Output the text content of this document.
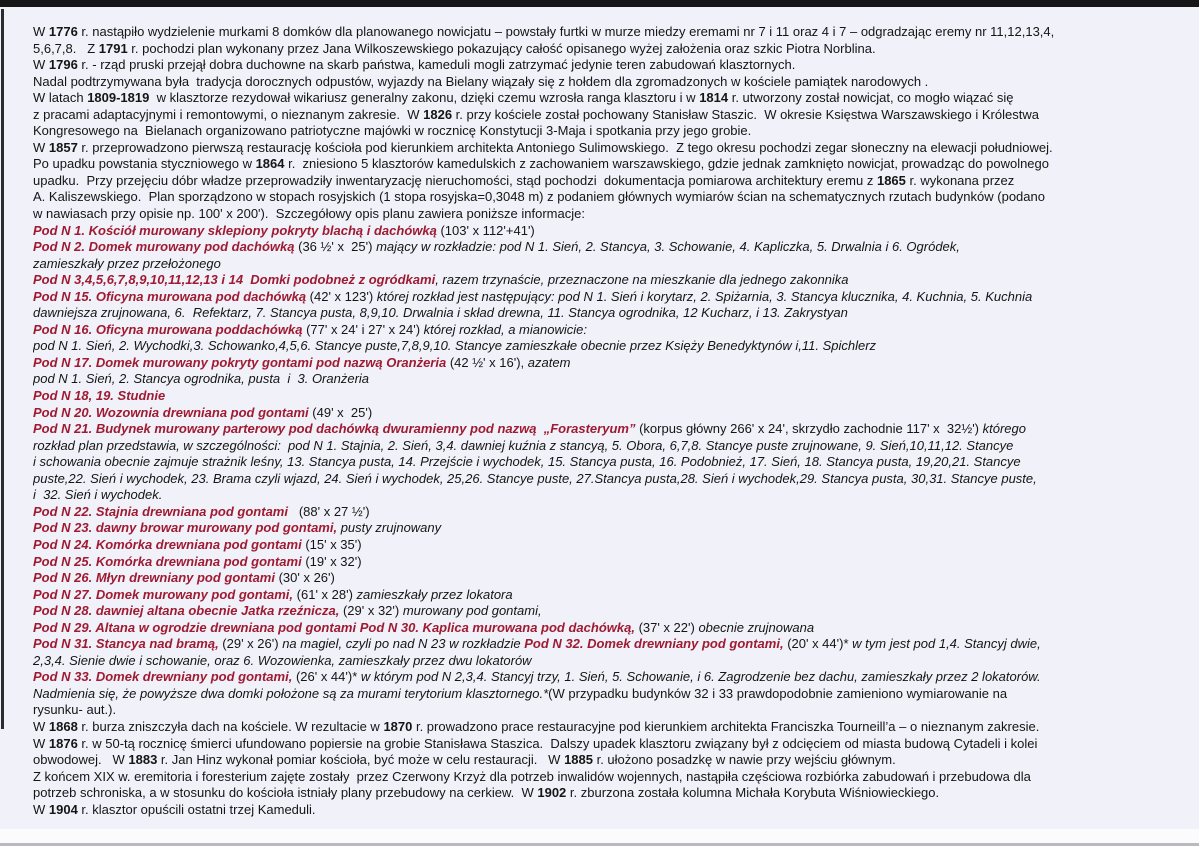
W 1776 r. nastąpiło wydzielenie murkami 8 domków dla planowanego nowicjatu – powstały furtki w murze miedzy eremami nr 7 i 11 oraz 4 i 7 – odgradzając eremy nr 11,12,13,4,
5,6,7,8.   Z 1791 r. pochodzi plan wykonany przez Jana Wilkoszewskiego pokazujący całość opisanego wyżej założenia oraz szkic Piotra Norblina.
W 1796 r. - rząd pruski przejął dobra duchowne na skarb państwa, kameduli mogli zatrzymać jedynie teren zabudowań klasztornych.
Nadal podtrzymywana była  tradycja dorocznych odpustów, wyjazdy na Bielany wiązały się z hołdem dla zgromadzonych w kościele pamiątek narodowych .
W latach 1809-1819  w klasztorze rezydował wikariusz generalny zakonu, dzięki czemu wzrosła ranga klasztoru i w 1814 r. utworzony został nowicjat, co mogło wiązać się
z pracami adaptacyjnymi i remontowymi, o nieznanym zakresie.  W 1826 r. przy kościele został pochowany Stanisław Staszic.  W okresie Księstwa Warszawskiego i Królestwa
Kongresowego na  Bielanach organizowano patriotyczne majówki w rocznicę Konstytucji 3-Maja i spotkania przy jego grobie.
W 1857 r. przeprowadzono pierwszą restaurację kościoła pod kierunkiem architekta Antoniego Sulimowskiego.  Z tego okresu pochodzi zegar słoneczny na elewacji południowej.
Po upadku powstania styczniowego w 1864 r.  zniesiono 5 klasztorów kamedulskich z zachowaniem warszawskiego, gdzie jednak zamknięto nowicjat, prowadząc do powolnego
upadku.  Przy przejęciu dóbr władze przeprowadziły inwentaryzację nieruchomości, stąd pochodzi  dokumentacja pomiarowa architektury eremu z 1865 r. wykonana przez
A. Kaliszewskiego.  Plan sporządzono w stopach rosyjskich (1 stopa rosyjska=0,3048 m) z podaniem głównych wymiarów ścian na schematycznych rzutach budynków (podano
w nawiasach przy opisie np. 100' x 200').  Szczegółowy opis planu zawiera poniższe informacje:
Pod N 1. Kościół murowany sklepiony pokryty blachą i dachówką (103' x 112'+41')
Pod N 2. Domek murowany pod dachówką (36 ½' x  25') mający w rozkładzie: pod N 1. Sień, 2. Stancya, 3. Schowanie, 4. Kapliczka, 5. Drwalnia i 6. Ogródek,
zamieszkały przez przełożonego
Pod N 3,4,5,6,7,8,9,10,11,12,13 i 14  Domki podobneż z ogródkami, razem trzynaście, przeznaczone na mieszkanie dla jednego zakonnika
Pod N 15. Oficyna murowana pod dachówką (42' x 123') której rozkład jest następujący: pod N 1. Sień i korytarz, 2. Spiżarnia, 3. Stancya klucznika, 4. Kuchnia, 5. Kuchnia
dawniejsza zrujnowana, 6.  Refektarz, 7. Stancya pusta, 8,9,10. Drwalnia i skład drewna, 11. Stancya ogrodnika, 12 Kucharz, i 13. Zakrystyan
Pod N 16. Oficyna murowana poddachówką (77' x 24' i 27' x 24') której rozkład, a mianowicie:
pod N 1. Sień, 2. Wychodki,3. Schowanko,4,5,6. Stancye puste,7,8,9,10. Stancye zamieszkałe obecnie przez Księży Benedyktynów i,11. Spichlerz
Pod N 17. Domek murowany pokryty gontami pod nazwą Oranżeria (42 ½' x 16'), azatem
pod N 1. Sień, 2. Stancya ogrodnika, pusta  i  3. Oranżeria
Pod N 18, 19. Studnie
Pod N 20. Wozownia drewniana pod gontami (49' x  25')
Pod N 21. Budynek murowany parterowy pod dachówką dwuramienny pod nazwą  „Forasteryum” (korpus główny 266' x 24', skrzydło zachodnie 117' x  32½') którego
rozkład plan przedstawia, w szczególności:  pod N 1. Stajnia, 2. Sień, 3,4. dawniej kuźnia z stancyą, 5. Obora, 6,7,8. Stancye puste zrujnowane, 9. Sień,10,11,12. Stancye
i schowania obecnie zajmuje strażnik leśny, 13. Stancya pusta, 14. Przejście i wychodek, 15. Stancya pusta, 16. Podobnież, 17. Sień, 18. Stancya pusta, 19,20,21. Stancye
puste,22. Sień i wychodek, 23. Brama czyli wjazd, 24. Sień i wychodek, 25,26. Stancye puste, 27.Stancya pusta,28. Sień i wychodek,29. Stancya pusta, 30,31. Stancye puste,
i  32. Sień i wychodek.
Pod N 22. Stajnia drewniana pod gontami   (88' x 27 ½')
Pod N 23. dawny browar murowany pod gontami, pusty zrujnowany
Pod N 24. Komórka drewniana pod gontami (15' x 35')
Pod N 25. Komórka drewniana pod gontami (19' x 32')
Pod N 26. Młyn drewniany pod gontami (30' x 26')
Pod N 27. Domek murowany pod gontami, (61' x 28') zamieszkały przez lokatora
Pod N 28. dawniej altana obecnie Jatka rzeźnicza, (29' x 32') murowany pod gontami,
Pod N 29. Altana w ogrodzie drewniana pod gontami Pod N 30. Kaplica murowana pod dachówką, (37' x 22') obecnie zrujnowana
Pod N 31. Stancya nad bramą, (29' x 26') na magiel, czyli po nad N 23 w rozkładzie Pod N 32. Domek drewniany pod gontami, (20' x 44')* w tym jest pod 1,4. Stancyj dwie,
2,3,4. Sienie dwie i schowanie, oraz 6. Wozowienka, zamieszkały przez dwu lokatorów
Pod N 33. Domek drewniany pod gontami, (26' x 44')* w którym pod N 2,3,4. Stancyj trzy, 1. Sień, 5. Schowanie, i 6. Zagrodzenie bez dachu, zamieszkały przez 2 lokatorów.
Nadmienia się, że powyższe dwa domki położone są za murami terytorium klasztornego.*(W przypadku budynków 32 i 33 prawdopodobnie zamieniono wymiarowanie na
rysunku- aut.).
W 1868 r. burza zniszczyła dach na kościele. W rezultacie w 1870 r. prowadzono prace restauracyjne pod kierunkiem architekta Franciszka Tourneill’a – o nieznanym zakresie.
W 1876 r. w 50-tą rocznicę śmierci ufundowano popiersie na grobie Stanisława Staszica.  Dalszy upadek klasztoru związany był z odcięciem od miasta budową Cytadeli i kolei
obwodowej.   W 1883 r. Jan Hinz wykonał pomiar kościoła, być może w celu restauracji.   W 1885 r. ułożono posadzkę w nawie przy wejściu głównym.
Z końcem XIX w. eremitoria i foresterium zajęte zostały  przez Czerwony Krzyż dla potrzeb inwalidów wojennych, nastąpiła częściowa rozbiórka zabudowań i przebudowa dla
potrzeb schroniska, a w stosunku do kościoła istniały plany przebudowy na cerkiew.  W 1902 r. zburzona została kolumna Michała Korybuta Wiśniowieckiego.
W 1904 r. klasztor opuścili ostatni trzej Kameduli.
